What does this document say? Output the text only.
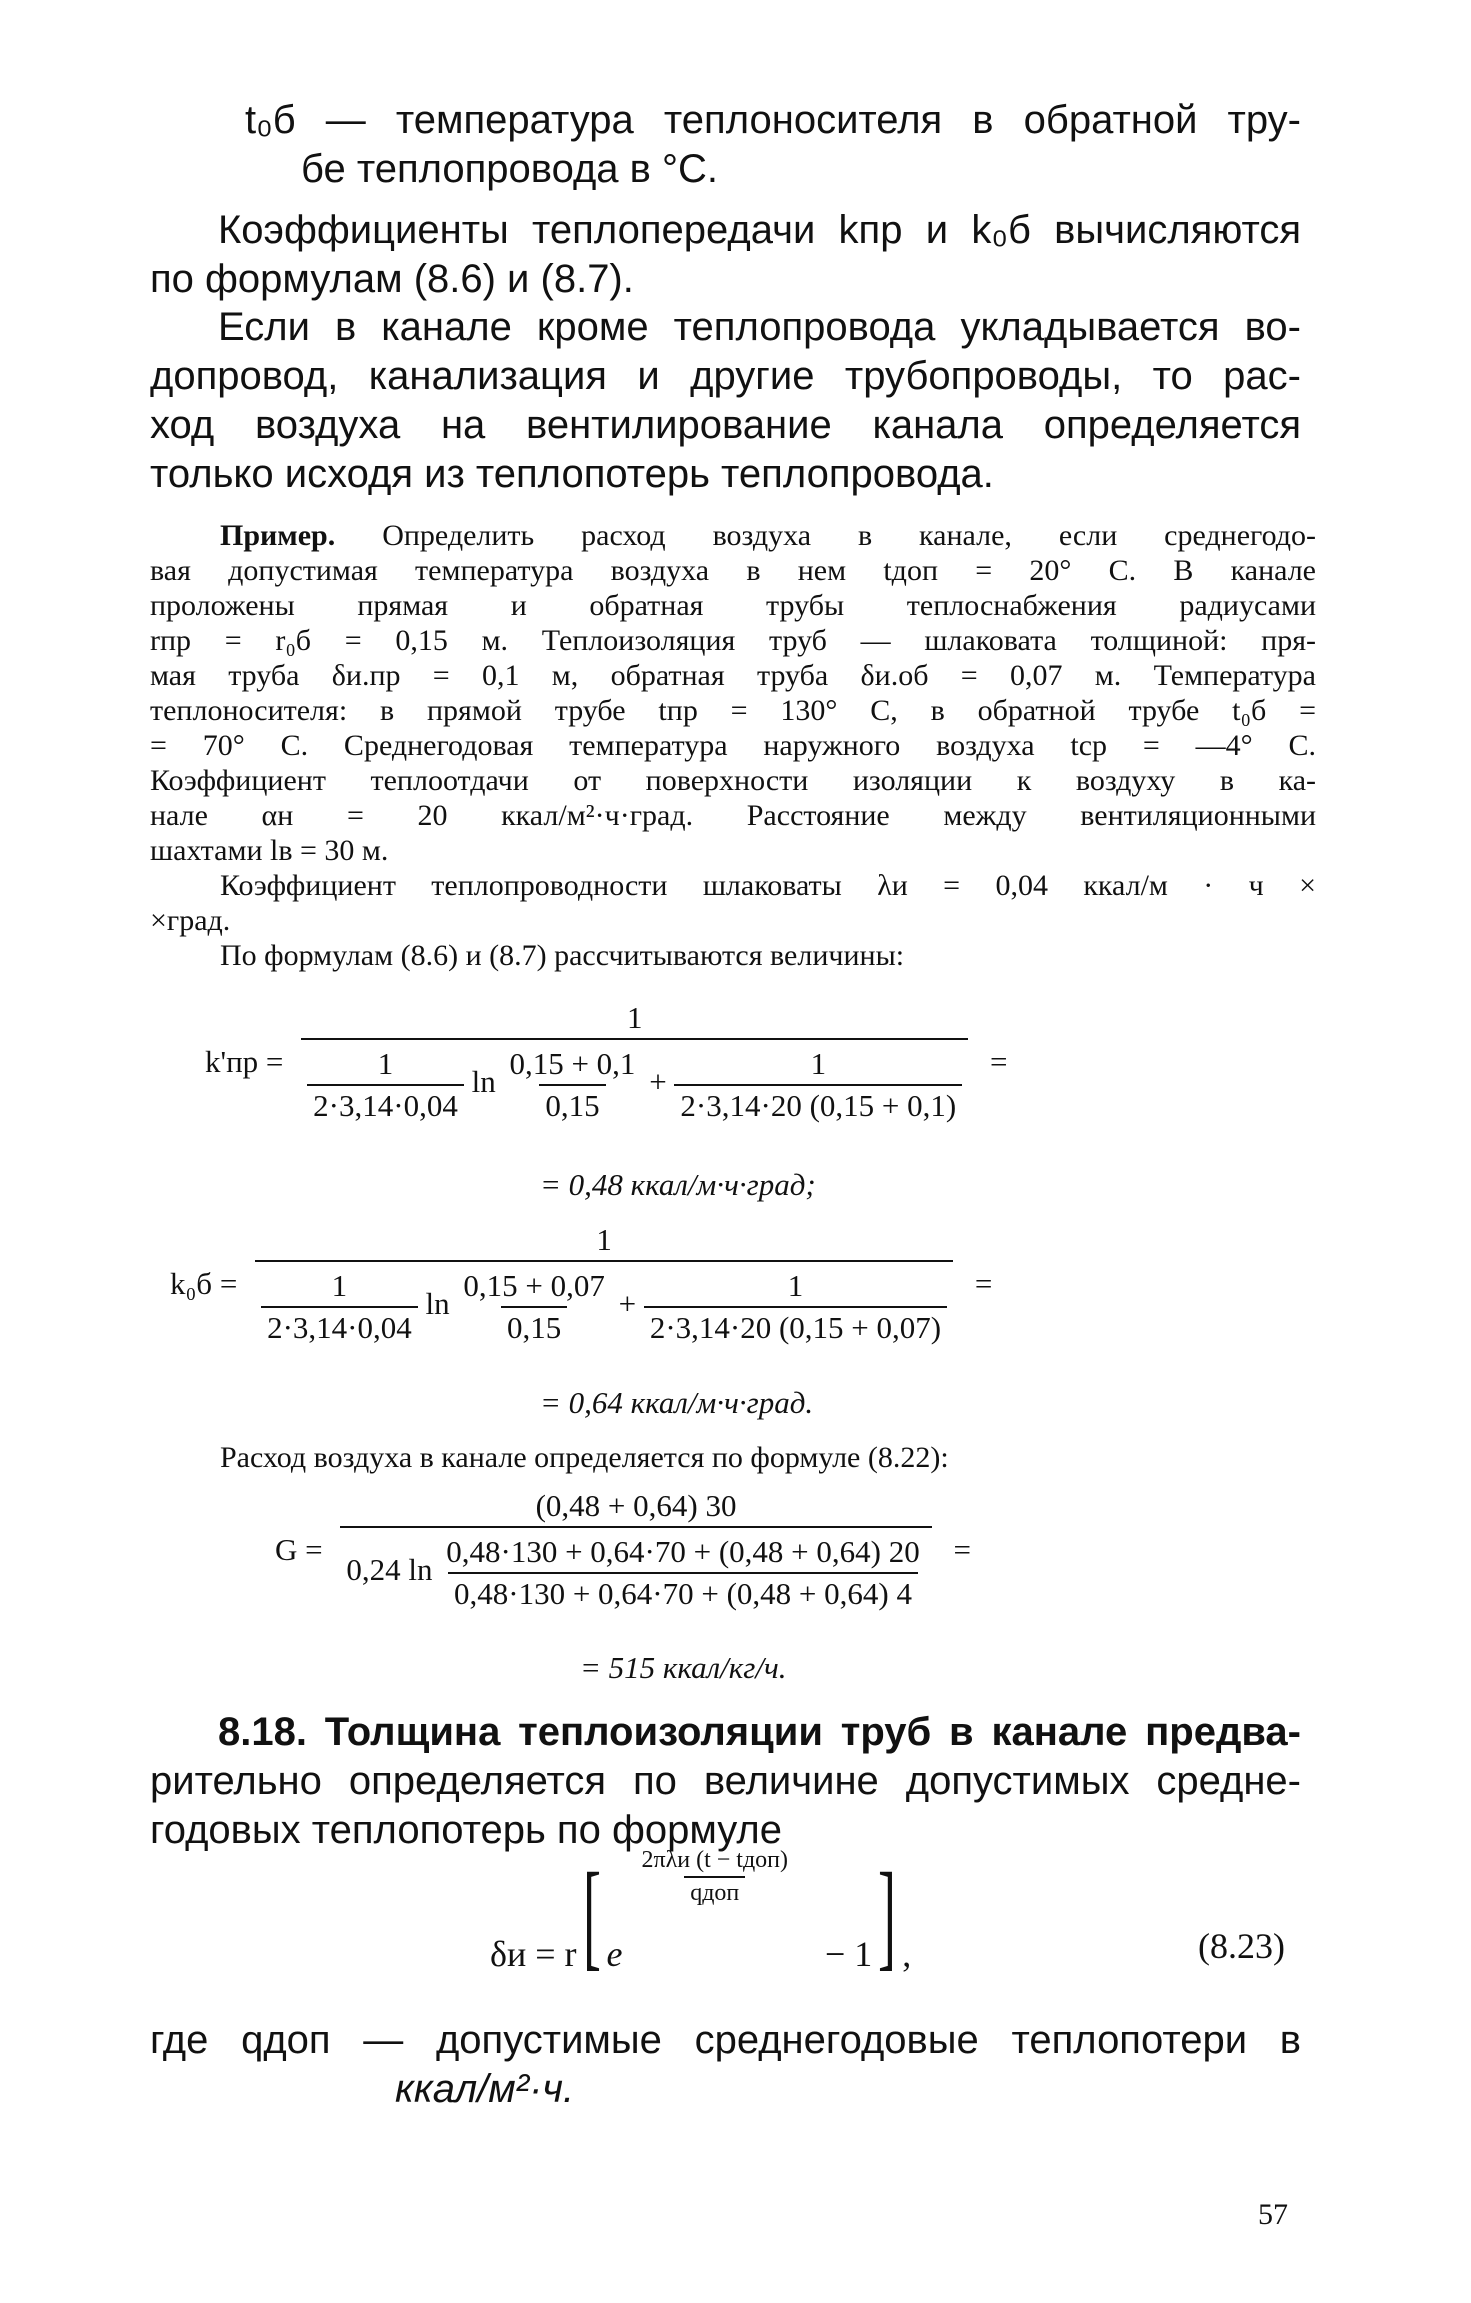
t₀б — температура теплоносителя в обратной тру-
бе теплопровода в °С.
Коэффициенты теплопередачи kпр и k₀б вычисляются
по формулам (8.6) и (8.7).
Если в канале кроме теплопровода укладывается во-
допровод, канализация и другие трубопроводы, то рас-
ход воздуха на вентилирование канала определяется
только исходя из теплопотерь теплопровода.
Пример. Определить расход воздуха в канале, если среднегодо-
вая допустимая температура воздуха в нем tдоп = 20° С. В канале
проложены прямая и обратная трубы теплоснабжения радиусами
rпр = r₀б = 0,15 м. Теплоизоляция труб — шлаковата толщиной: пря-
мая труба δи.пр = 0,1 м, обратная труба δи.об = 0,07 м. Температура
теплоносителя: в прямой трубе tпр = 130° С, в обратной трубе t₀б =
= 70° С. Среднегодовая температура наружного воздуха tср = —4° С.
Коэффициент теплоотдачи от поверхности изоляции к воздуху в ка-
нале αн = 20 ккал/м²·ч·град. Расстояние между вентиляционными
шахтами lв = 30 м.
Коэффициент теплопроводности шлаковаты λи = 0,04 ккал/м · ч ×
×град.
По формулам (8.6) и (8.7) рассчитываются величины:
k'пр =
1
$\frac{1}{2\cdot 3,14\cdot 0,04}$ $\ln \frac{0,15 + 0,1}{0,15} + \frac{1}{2\cdot 3,14\cdot 20 (0,15 + 0,1)}$ =
= 0,48 ккал/м·ч·град;
k₀б =
1
$\frac{1}{2\cdot 3,14\cdot 0,04}$ $\ln \frac{0,15 + 0,07}{0,15} + \frac{1}{2\cdot 3,14\cdot 20 (0,15 + 0,07)}$ =
= 0,64 ккал/м·ч·град.
Расход воздуха в канале определяется по формуле (8.22):
G =
(0,48 + 0,64) 30
0,24 $\ln \frac{0,48\cdot 130 + 0,64\cdot 70 + (0,48 + 0,64) 20}{0,48\cdot 130 + 0,64\cdot 70 + (0,48 + 0,64) 4}$ =
= 515 ккал/кг/ч.
8.18. Толщина теплоизоляции труб в канале предва-
рительно определяется по величине допустимых средне-
годовых теплопотерь по формуле
δи = r [ e
$\frac{\text{2πλи (t − tдоп)}}{\text{qдоп}}$
− 1 ] ,	(8.23)
где qдоп — допустимые среднегодовые теплопотери в
ккал/м²·ч.
57
